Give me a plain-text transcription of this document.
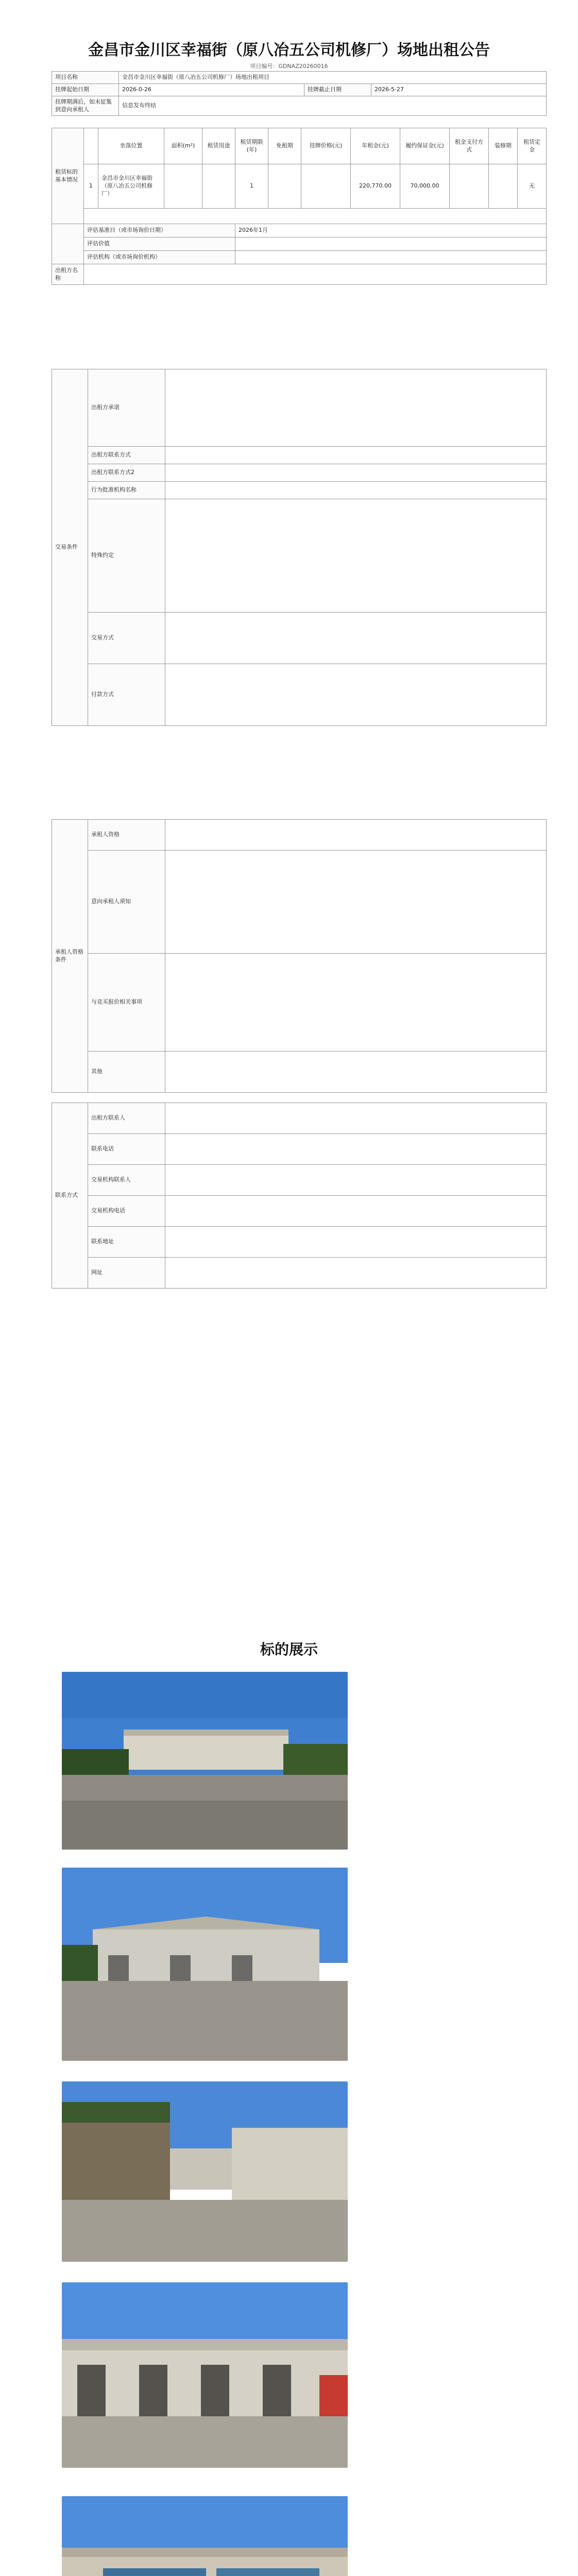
金昌市金川区幸福街（原八冶五公司机修厂）场地出租公告
项目编号：GDNAZ20260016
项目名称	金昌市金川区幸福街（原八冶五公司机修厂）场地出租项目		
挂牌起始日期	2026-0-26	挂牌截止日期	2026-5-27
挂牌期满后，如未征集到意向承租人	信息发布终结		
租赁标的基本情况		坐落位置	面积(m²)	租赁用途	租赁期限(年)	免租期	挂牌价格(元)	年租金(元)	履约保证金(元)	租金支付方式	装修期	租赁定金
	1	金昌市金川区幸福街（原八冶五公司机修厂）			1			220,770.00	70,000.00			无

	评估基准日（或市场询价日期）				2026年1月							
	评估价值											
	评估机构（或市场询价机构）											
出租方名称												
交易条件	出租方承诺	
	出租方联系方式	
	出租方联系方式2	
	行为批准机构名称	
	特殊约定	
	交易方式	
	付款方式	
承租人资格条件	承租人资格	
	意向承租人须知	
	与竞买报价相关事项	
	其他	
联系方式	出租方联系人	
	联系电话	
	交易机构联系人	
	交易机构电话	
	联系地址	
	网址	
标的展示
